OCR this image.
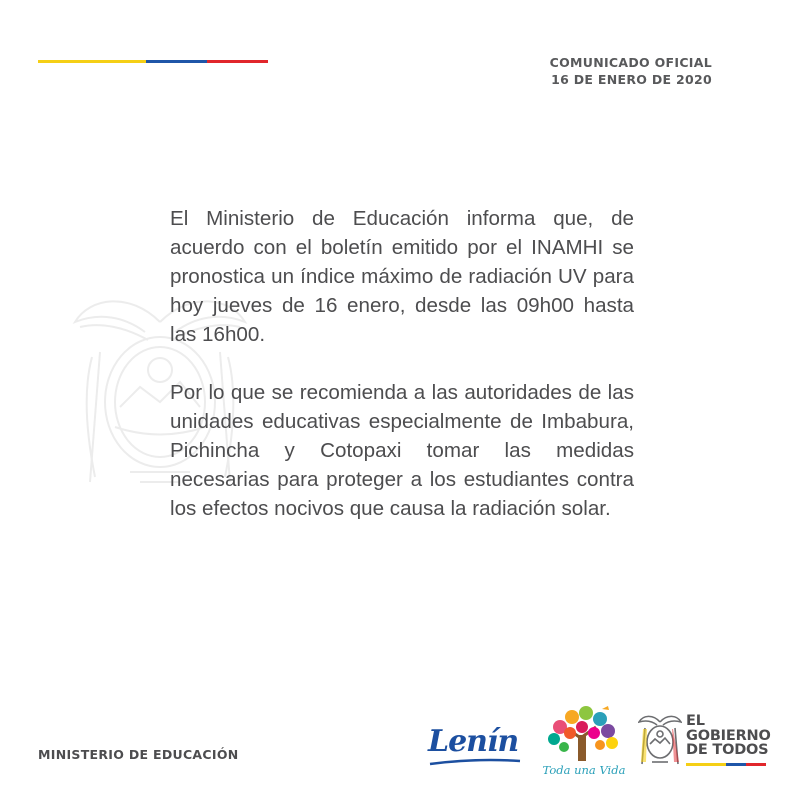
COMUNICADO OFICIAL
16 DE ENERO DE 2020

El Ministerio de Educación informa que, de acuerdo con el boletín emitido por el INAMHI se pronostica un índice máximo de radiación UV para hoy jueves de 16 enero, desde las 09h00 hasta las 16h00.

Por lo que se recomienda a las autoridades de las unidades educativas especialmente de Imbabura, Pichincha y Cotopaxi tomar las medidas necesarias para proteger a los estudiantes contra los efectos nocivos que causa la radiación solar.

MINISTERIO DE EDUCACIÓN	Lenín
Toda una Vida
EL
GOBIERNO
DE TODOS
